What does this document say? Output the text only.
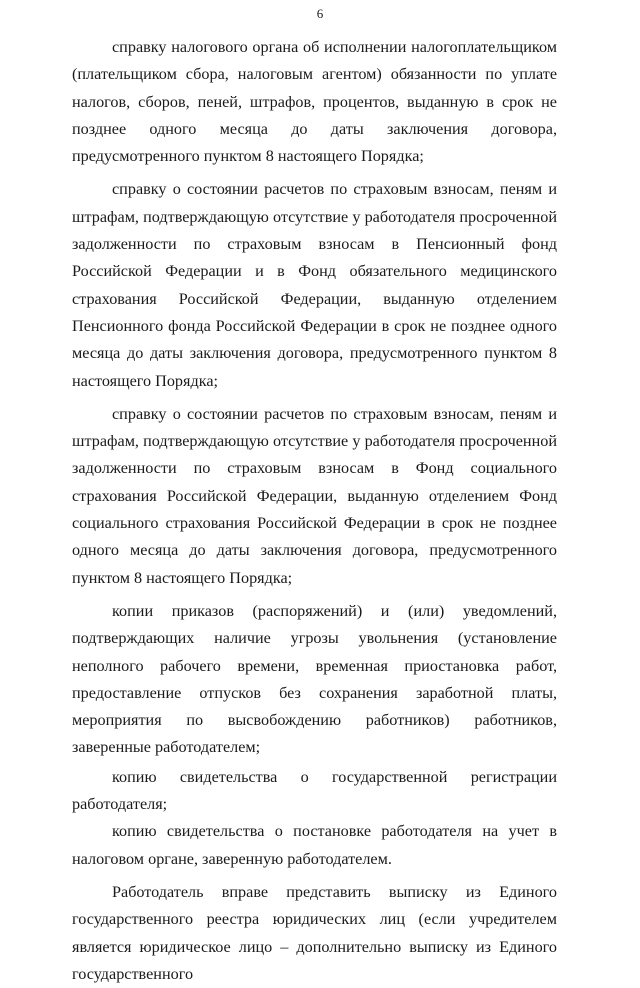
6

справку налогового органа об исполнении налогоплательщиком (плательщиком сбора, налоговым агентом) обязанности по уплате налогов, сборов, пеней, штрафов, процентов, выданную в срок не позднее одного месяца до даты заключения договора, предусмотренного пунктом 8 настоящего Порядка;

справку о состоянии расчетов по страховым взносам, пеням и штрафам, подтверждающую отсутствие у работодателя просроченной задолженности по страховым взносам в Пенсионный фонд Российской Федерации и в Фонд обязательного медицинского страхования Российской Федерации, выданную отделением Пенсионного фонда Российской Федерации в срок не позднее одного месяца до даты заключения договора, предусмотренного пунктом 8 настоящего Порядка;

справку о состоянии расчетов по страховым взносам, пеням и штрафам, подтверждающую отсутствие у работодателя просроченной задолженности по страховым взносам в Фонд социального страхования Российской Федерации, выданную отделением Фонд социального страхования Российской Федерации в срок не позднее одного месяца до даты заключения договора, предусмотренного пунктом 8 настоящего Порядка;

копии приказов (распоряжений) и (или) уведомлений, подтверждающих наличие угрозы увольнения (установление неполного рабочего времени, временная приостановка работ, предоставление отпусков без сохранения заработной платы, мероприятия по высвобождению работников) работников, заверенные работодателем;

копию свидетельства о государственной регистрации работодателя;

копию свидетельства о постановке работодателя на учет в налоговом органе, заверенную работодателем.

Работодатель вправе представить выписку из Единого государственного реестра юридических лиц (если учредителем является юридическое лицо – дополнительно выписку из Единого государственного
